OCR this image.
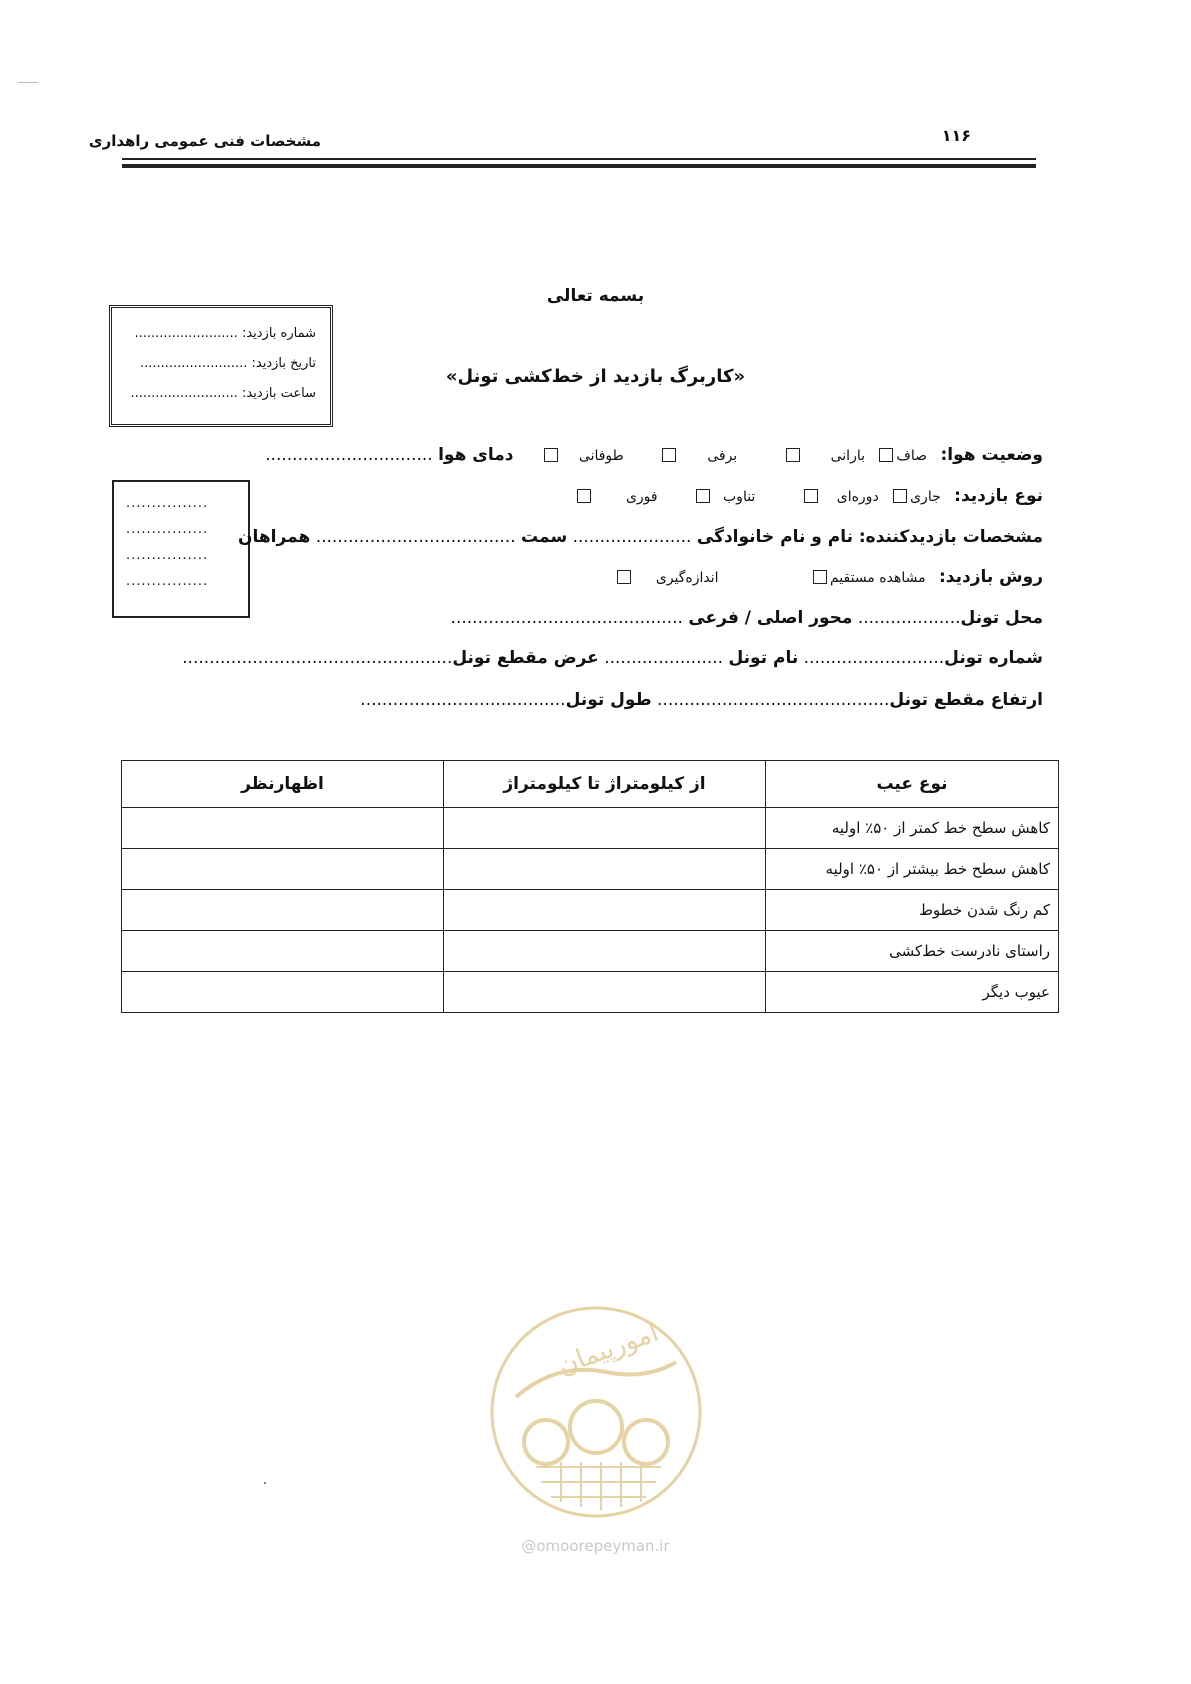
مشخصات فنی عمومی راهداری	۱۱۶
بسمه تعالی
«کاربرگ بازدید از خط‌کشی تونل»
شماره بازدید: .........................
تاریخ بازدید: ..........................
ساعت بازدید: ..........................
................
................
................
................
وضعیت هوا: صاف بارانی برفی طوفانی دمای هوا ...............................
نوع بازدید: جاری دوره‌ای تناوب فوری
مشخصات بازدیدکننده: نام و نام خانوادگی ...................... سمت ..................................... همراهان
روش بازدید: مشاهده مستقیم اندازه‌گیری
محل تونل................... محور اصلی / فرعی ...........................................
شماره تونل.......................... نام تونل ...................... عرض مقطع تونل..................................................
ارتفاع مقطع تونل........................................... طول تونل......................................
اظهارنظر	از کیلومتراژ تا کیلومتراژ	نوع عیب
		کاهش سطح خط کمتر از ۵۰٪ اولیه
		کاهش سطح خط بیشتر از ۵۰٪ اولیه
		کم رنگ شدن خطوط
		راستای نادرست خط‌کشی
		عیوب دیگر
امورپیمان
@omoorepeyman.ir
